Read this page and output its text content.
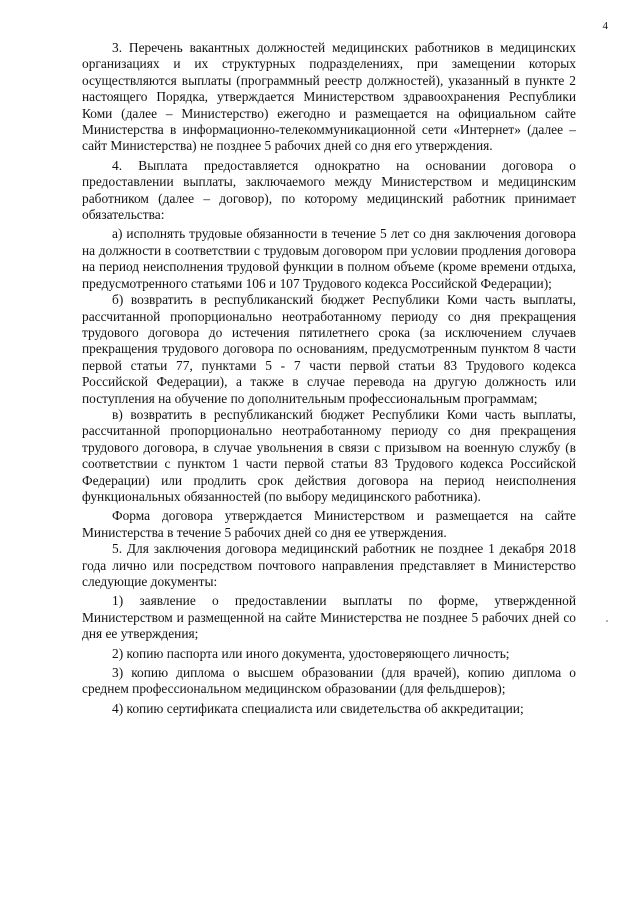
4

3. Перечень вакантных должностей медицинских работников в медицинских организациях и их структурных подразделениях, при замещении которых осуществляются выплаты (программный реестр должностей), указанный в пункте 2 настоящего Порядка, утверждается Министерством здравоохранения Республики Коми (далее – Министерство) ежегодно и размещается на официальном сайте Министерства в информационно-телекоммуникационной сети «Интернет» (далее – сайт Министерства) не позднее 5 рабочих дней со дня его утверждения.

4. Выплата предоставляется однократно на основании договора о предоставлении выплаты, заключаемого между Министерством и медицинским работником (далее – договор), по которому медицинский работник принимает обязательства:

а) исполнять трудовые обязанности в течение 5 лет со дня заключения договора на должности в соответствии с трудовым договором при условии продления договора на период неисполнения трудовой функции в полном объеме (кроме времени отдыха, предусмотренного статьями 106 и 107 Трудового кодекса Российской Федерации);

б) возвратить в республиканский бюджет Республики Коми часть выплаты, рассчитанной пропорционально неотработанному периоду со дня прекращения трудового договора до истечения пятилетнего срока (за исключением случаев прекращения трудового договора по основаниям, предусмотренным пунктом 8 части первой статьи 77, пунктами 5 - 7 части первой статьи 83 Трудового кодекса Российской Федерации), а также в случае перевода на другую должность или поступления на обучение по дополнительным профессиональным программам;

в) возвратить в республиканский бюджет Республики Коми часть выплаты, рассчитанной пропорционально неотработанному периоду со дня прекращения трудового договора, в случае увольнения в связи с призывом на военную службу (в соответствии с пунктом 1 части первой статьи 83 Трудового кодекса Российской Федерации) или продлить срок действия договора на период неисполнения функциональных обязанностей (по выбору медицинского работника).

Форма договора утверждается Министерством и размещается на сайте Министерства в течение 5 рабочих дней со дня ее утверждения.

5. Для заключения договора медицинский работник не позднее 1 декабря 2018 года лично или посредством почтового направления представляет в Министерство следующие документы:

1) заявление о предоставлении выплаты по форме, утвержденной Министерством и размещенной на сайте Министерства не позднее 5 рабочих дней со дня ее утверждения;

2) копию паспорта или иного документа, удостоверяющего личность;

3) копию диплома о высшем образовании (для врачей), копию диплома о среднем профессиональном медицинском образовании (для фельдшеров);

4) копию сертификата специалиста или свидетельства об аккредитации;
